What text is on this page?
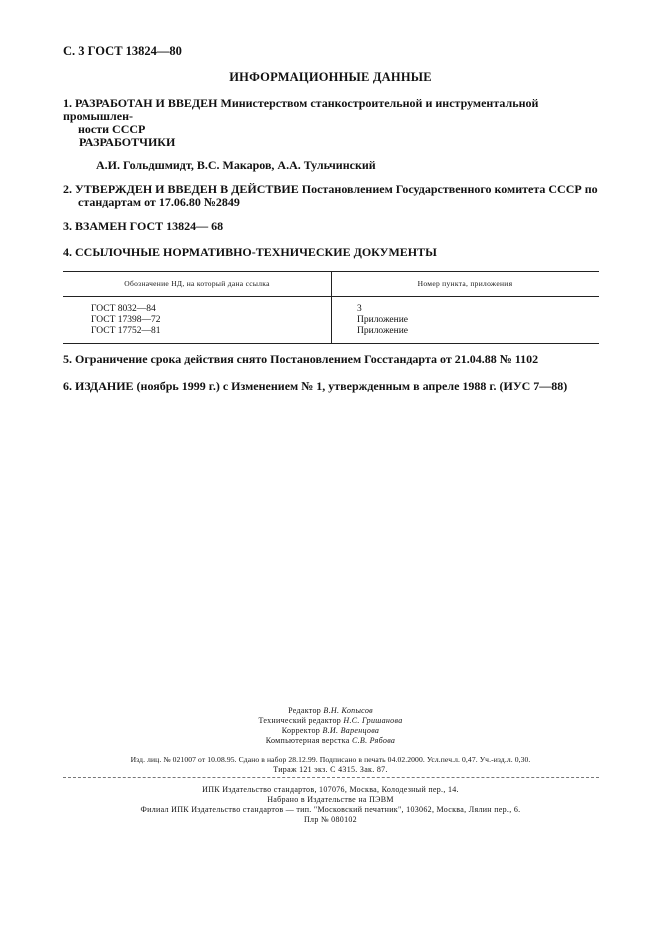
С. 3 ГОСТ 13824—80
ИНФОРМАЦИОННЫЕ ДАННЫЕ
1. РАЗРАБОТАН И ВВЕДЕН Министерством станкостроительной и инструментальной промышлен-
ности СССР
РАЗРАБОТЧИКИ
А.И. Гольдшмидт, В.С. Макаров, А.А. Тульчинский
2. УТВЕРЖДЕН И ВВЕДЕН В ДЕЙСТВИЕ Постановлением Государственного комитета СССР по
стандартам от 17.06.80 №2849
3. ВЗАМЕН ГОСТ 13824— 68
4. ССЫЛОЧНЫЕ НОРМАТИВНО-ТЕХНИЧЕСКИЕ ДОКУМЕНТЫ
Обозначение НД, на который дана ссылка	Номер пункта, приложения
ГОСТ 8032—84	3
ГОСТ 17398—72	Приложение
ГОСТ 17752—81	Приложение
5. Ограничение срока действия снято Постановлением Госстандарта от 21.04.88 № 1102
6. ИЗДАНИЕ (ноябрь 1999 г.) с Изменением № 1, утвержденным в апреле 1988 г. (ИУС 7—88)
Редактор В.Н. Копысов
Технический редактор Н.С. Гришанова
Корректор В.И. Варенцова
Компьютерная верстка С.В. Рябова
Изд. лиц. № 021007 от 10.08.95. Сдано в набор 28.12.99. Подписано в печать 04.02.2000. Усл.печ.л. 0,47. Уч.-изд.л. 0,30.
Тираж 121 экз. С 4315. Зак. 87.
ИПК Издательство стандартов, 107076, Москва, Колодезный пер., 14.
Набрано в Издательстве на ПЭВМ
Филиал ИПК Издательство стандартов — тип. "Московский печатник", 103062, Москва, Лялин пер., 6.
Плр № 080102
